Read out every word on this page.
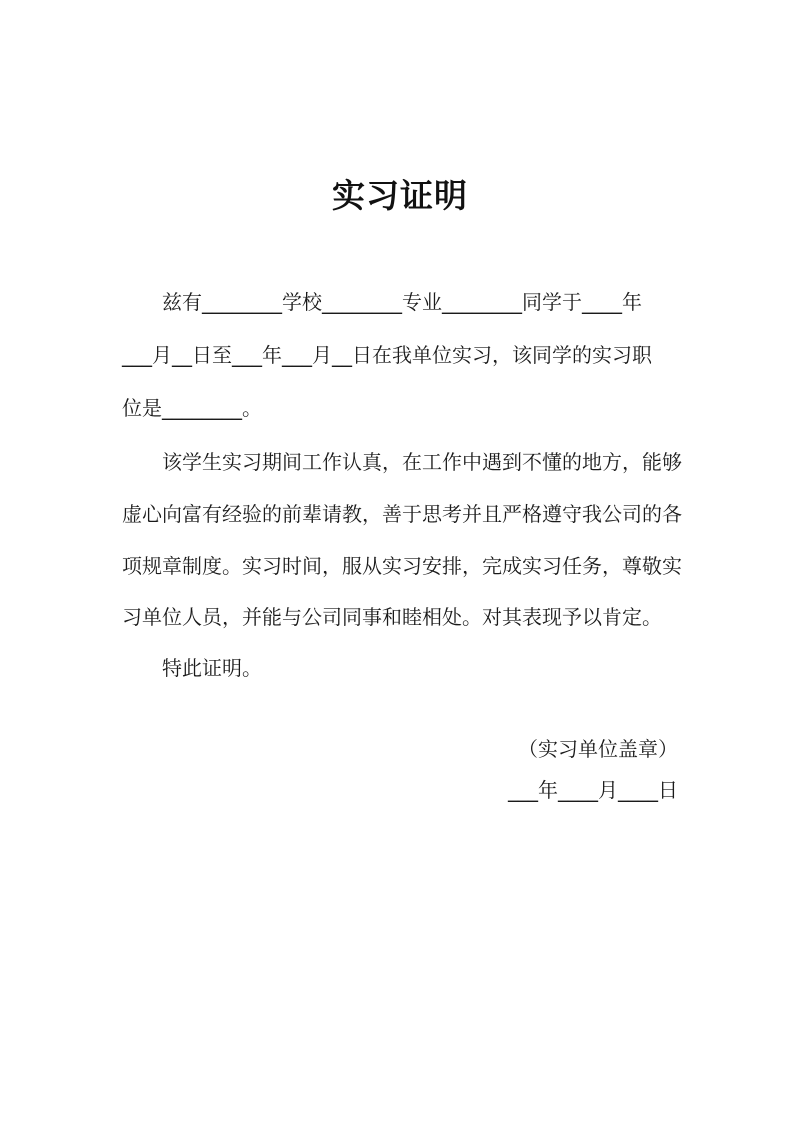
实习证明
兹有________学校________专业________同学于____年
___月__日至___年___月__日在我单位实习，该同学的实习职
位是________。
该学生实习期间工作认真，在工作中遇到不懂的地方，能够
虚心向富有经验的前辈请教，善于思考并且严格遵守我公司的各
项规章制度。实习时间，服从实习安排，完成实习任务，尊敬实
习单位人员，并能与公司同事和睦相处。对其表现予以肯定。
特此证明。
（实习单位盖章）
___年____月____日
